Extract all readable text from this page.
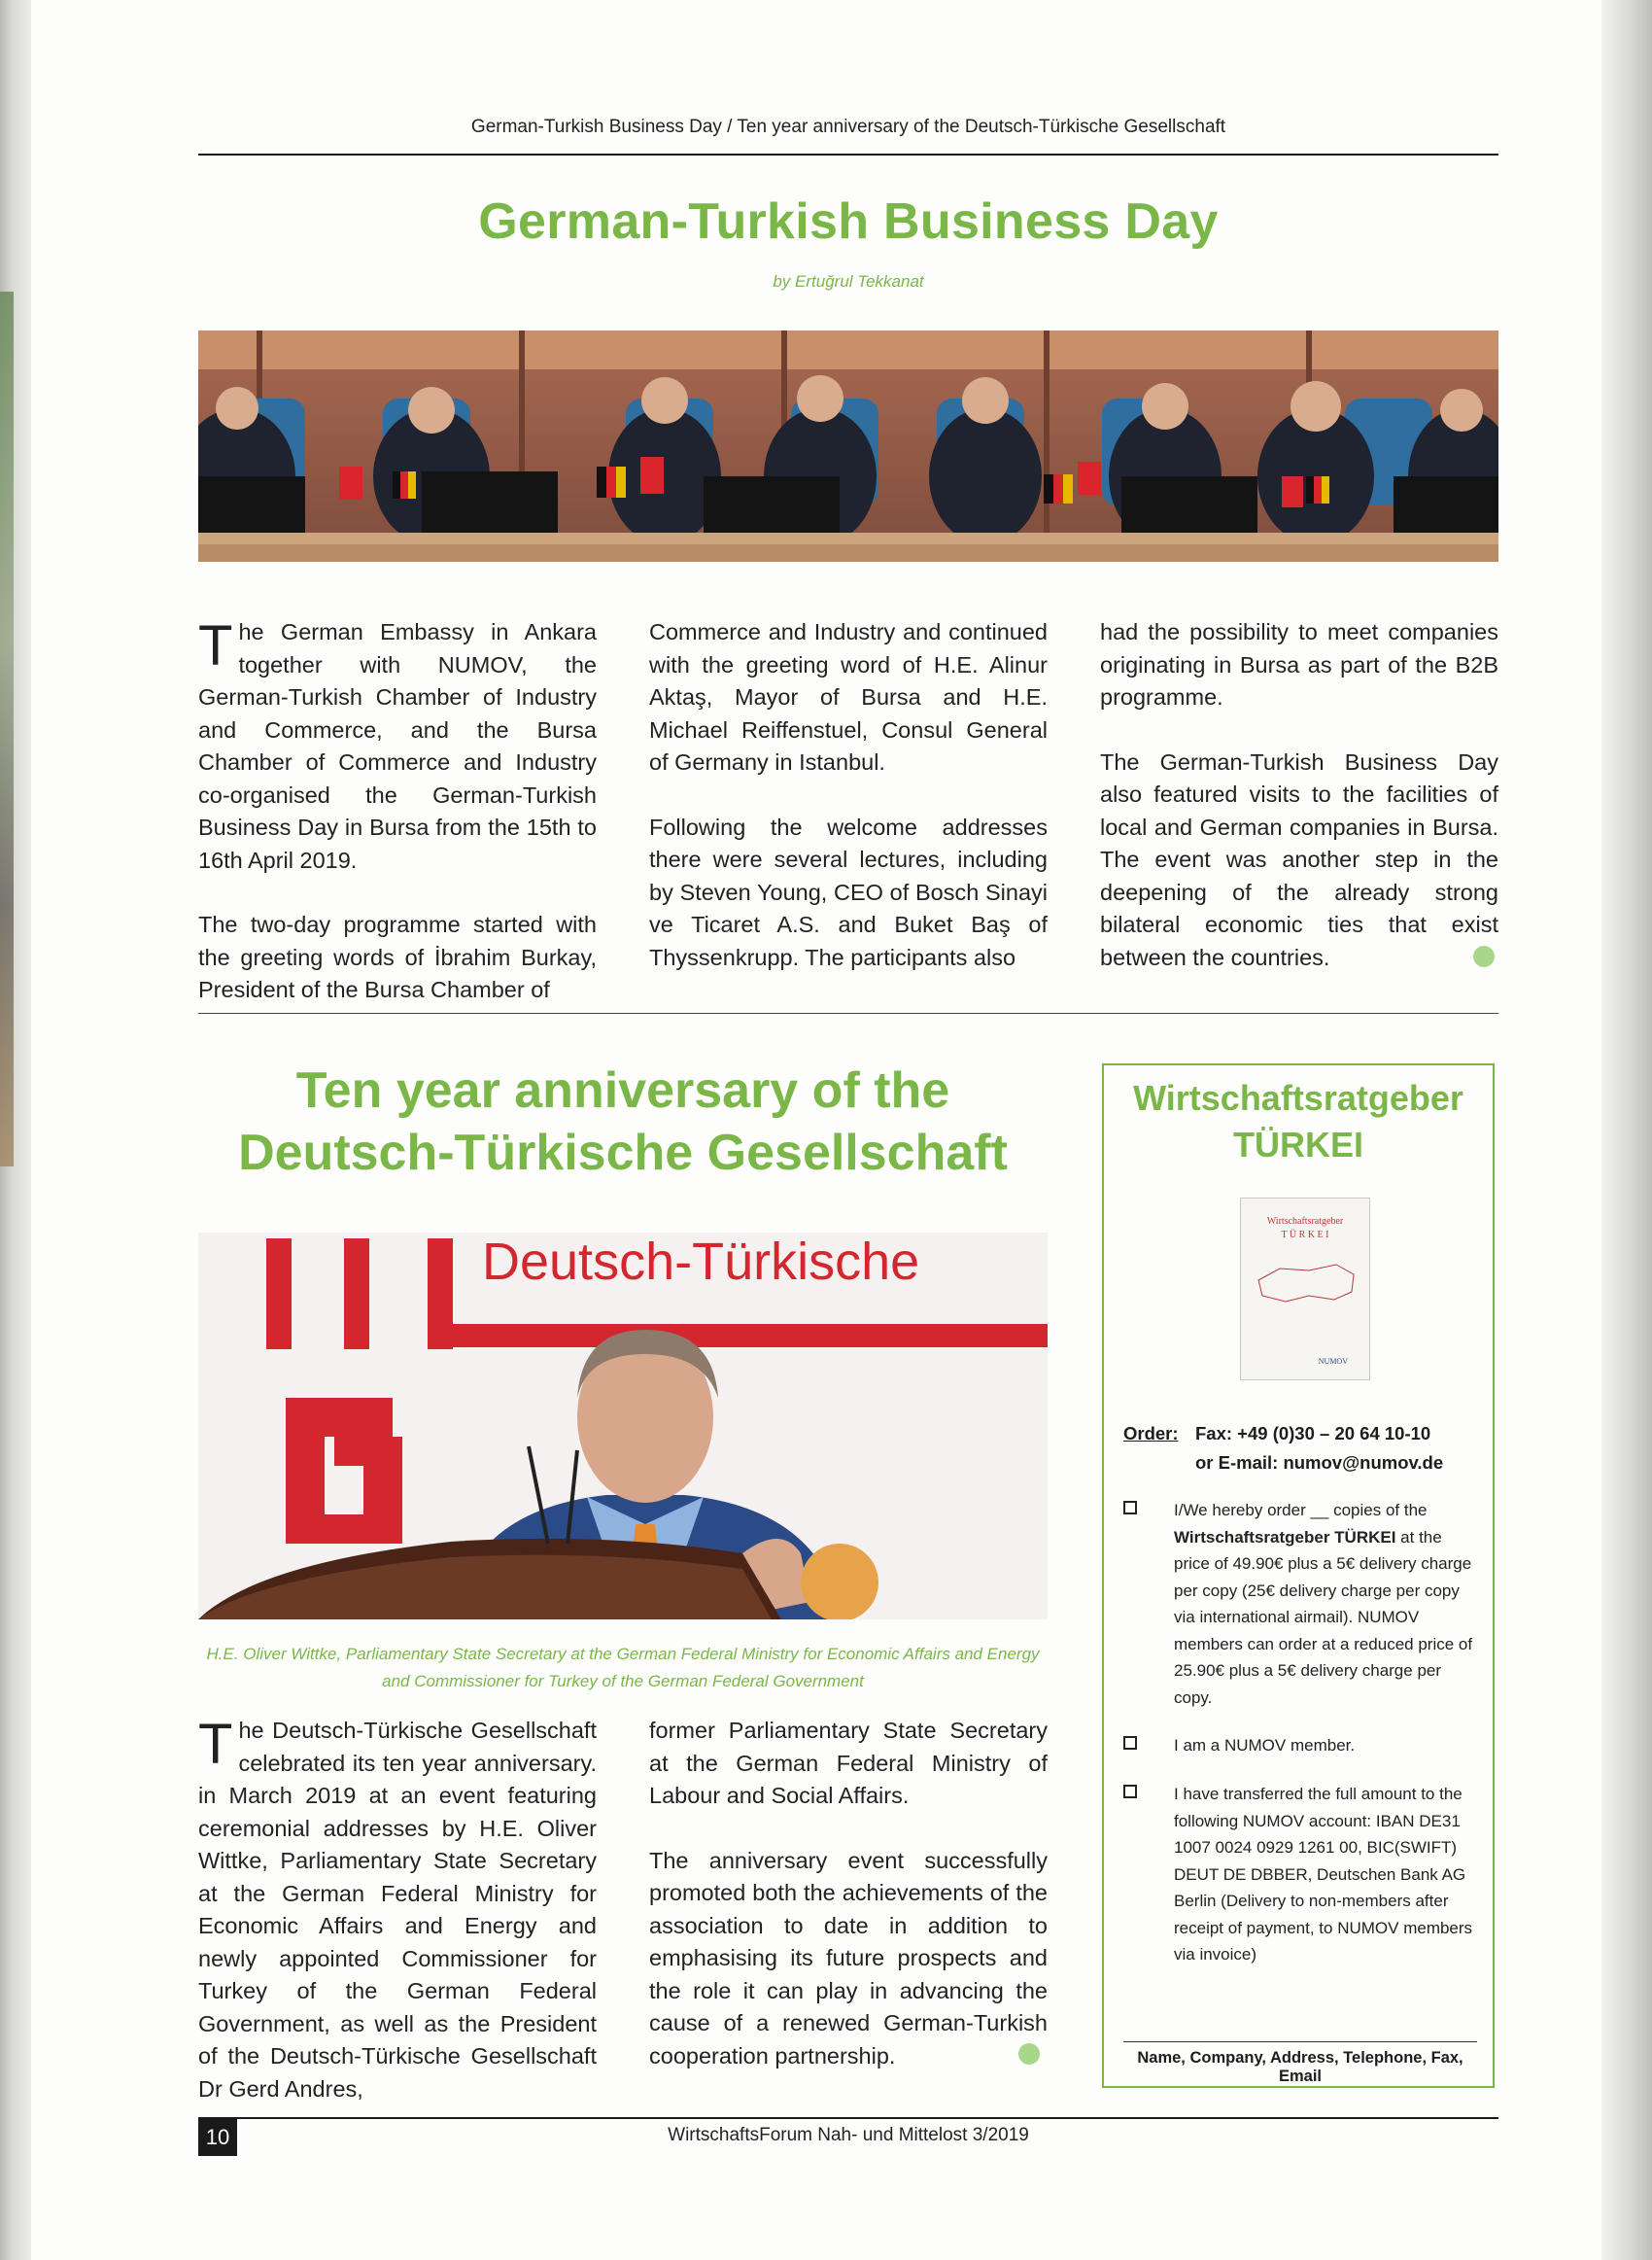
German-Turkish Business Day / Ten year anniversary of the Deutsch-Türkische Gesellschaft
German-Turkish Business Day
by Ertuğrul Tekkanat

The German Embassy in Ankara together with NUMOV, the German-Turkish Chamber of Industry and Commerce, and the Bursa Chamber of Commerce and Industry co-organised the German-Turkish Business Day in Bursa from the 15th to 16th April 2019.

The two-day programme started with the greeting words of İbrahim Burkay, President of the Bursa Chamber of

Commerce and Industry and continued with the greeting word of H.E. Alinur Aktaş, Mayor of Bursa and H.E. Michael Reiffenstuel, Consul General of Germany in Istanbul.

Following the welcome addresses there were several lectures, including by Steven Young, CEO of Bosch Sinayi ve Ticaret A.S. and Buket Baş of Thyssenkrupp. The participants also

had the possibility to meet companies originating in Bursa as part of the B2B programme.

The German-Turkish Business Day also featured visits to the facilities of local and German companies in Bursa. The event was another step in the deepening of the already strong bilateral economic ties that exist between the countries.

Ten year anniversary of the
Deutsch-Türkische Gesellschaft
Deutsch-Türkische
H.E. Oliver Wittke, Parliamentary State Secretary at the German Federal Ministry for Economic Affairs and Energy
and Commissioner for Turkey of the German Federal Government

The Deutsch-Türkische Gesellschaft celebrated its ten year anniversary. in March 2019 at an event featuring ceremonial addresses by H.E. Oliver Wittke, Parliamentary State Secretary at the German Federal Ministry for Economic Affairs and Energy and newly appointed Commissioner for Turkey of the German Federal Government, as well as the President of the Deutsch-Türkische Gesellschaft Dr Gerd Andres,

former Parliamentary State Secretary at the German Federal Ministry of Labour and Social Affairs.

The anniversary event successfully promoted both the achievements of the association to date in addition to emphasising its future prospects and the role it can play in advancing the cause of a renewed German-Turkish cooperation partnership.

Wirtschaftsratgeber
TÜRKEI
Wirtschaftsratgeber
T Ü R K E I
NUMOV
Order: Fax: +49 (0)30 – 20 64 10-10
or E-mail: numov@numov.de
I/We hereby order __ copies of the Wirtschaftsratgeber TÜRKEI at the price of 49.90€ plus a 5€ delivery charge per copy (25€ delivery charge per copy via international airmail). NUMOV members can order at a reduced price of 25.90€ plus a 5€ delivery charge per copy.
I am a NUMOV member.
I have transferred the full amount to the following NUMOV account: IBAN DE31 1007 0024 0929 1261 00, BIC(SWIFT) DEUT DE DBBER, Deutschen Bank AG Berlin (Delivery to non-members after receipt of payment, to NUMOV members via invoice)
Name, Company, Address, Telephone, Fax, Email
10	WirtschaftsForum Nah- und Mittelost 3/2019
